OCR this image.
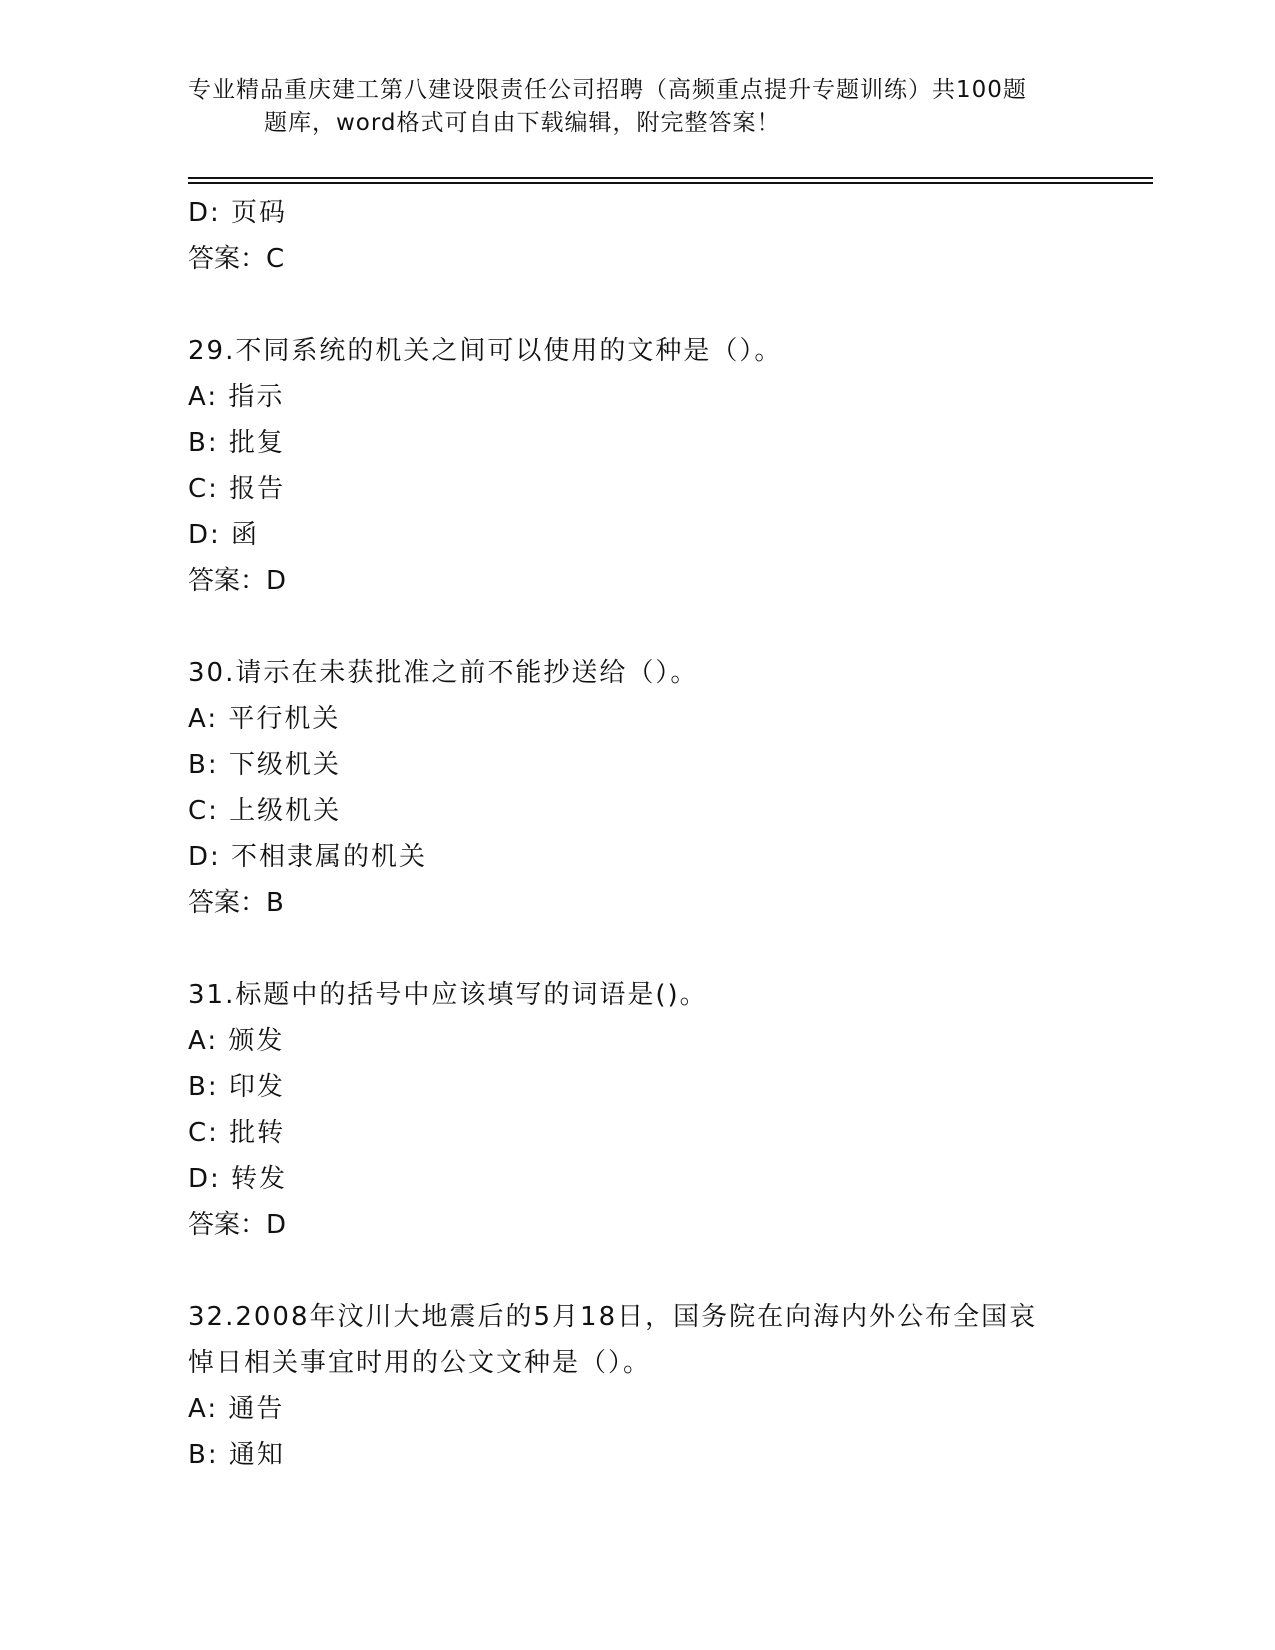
专业精品重庆建工第八建设限责任公司招聘（高频重点提升专题训练）共100题
题库，word格式可自由下载编辑，附完整答案！
D: 页码
答案：C
29.不同系统的机关之间可以使用的文种是（）。
A: 指示
B: 批复
C: 报告
D: 函
答案：D
30.请示在未获批准之前不能抄送给（）。
A: 平行机关
B: 下级机关
C: 上级机关
D: 不相隶属的机关
答案：B
31.标题中的括号中应该填写的词语是()。
A: 颁发
B: 印发
C: 批转
D: 转发
答案：D
32.2008年汶川大地震后的5月18日，国务院在向海内外公布全国哀
悼日相关事宜时用的公文文种是（）。
A: 通告
B: 通知
